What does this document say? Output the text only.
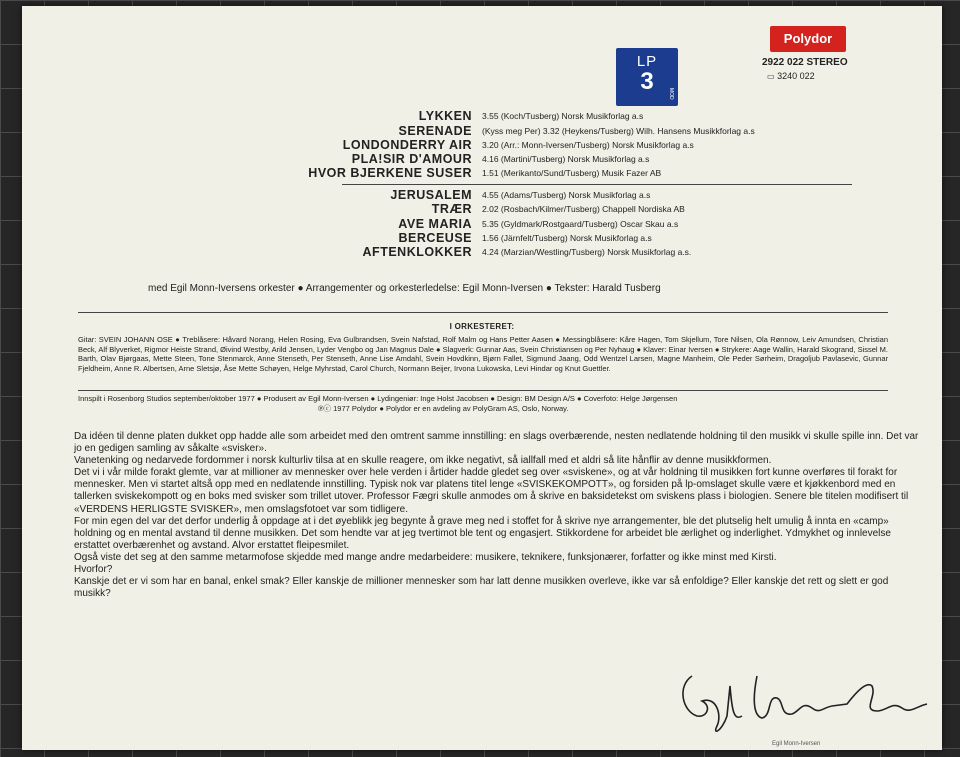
Polydor
2922 022 STEREO
▭ 3240 022
LP
3	MOD
LYKKEN 3.55 (Koch/Tusberg) Norsk Musikforlag a.s
SERENADE (Kyss meg Per) 3.32 (Heykens/Tusberg) Wilh. Hansens Musikkforlag a.s
LONDONDERRY AIR 3.20 (Arr.: Monn-Iversen/Tusberg) Norsk Musikforlag a.s
PLA!SIR D'AMOUR 4.16 (Martini/Tusberg) Norsk Musikforlag a.s
HVOR BJERKENE SUSER 1.51 (Merikanto/Sund/Tusberg) Musik Fazer AB
JERUSALEM 4.55 (Adams/Tusberg) Norsk Musikforlag a.s
TRÆR 2.02 (Rosbach/Kilmer/Tusberg) Chappell Nordiska AB
AVE MARIA 5.35 (Gyldmark/Rostgaard/Tusberg) Oscar Skau a.s
BERCEUSE 1.56 (Järnfelt/Tusberg) Norsk Musikforlag a.s
AFTENKLOKKER 4.24 (Marzian/Westling/Tusberg) Norsk Musikforlag a.s.
med Egil Monn-Iversens orkester ● Arrangementer og orkesterledelse: Egil Monn-Iversen ● Tekster: Harald Tusberg
I ORKESTERET:
Gitar: SVEIN JOHANN OSE ● Treblåsere: Håvard Norang, Helen Rosing, Eva Gulbrandsen, Svein Nafstad, Rolf Malm og Hans Petter Aasen ● Messingblåsere: Kåre Hagen, Tom Skjellum, Tore Nilsen, Ola Rønnow, Leiv Amundsen, Christian Beck, Alf Blyverket, Rigmor Heiste Strand, Øivind Westby, Arild Jensen, Lyder Vengbo og Jan Magnus Dale ● Slagverk: Gunnar Aas, Svein Christiansen og Per Nyhaug ● Klaver: Einar Iversen ● Strykere: Aage Wallin, Harald Skogrand, Sissel M. Barth, Olav Bjørgaas, Mette Steen, Tone Stenmarck, Anne Stenseth, Per Stenseth, Anne Lise Amdahl, Svein Hovdkinn, Bjørn Fallet, Sigmund Jaang, Odd Wentzel Larsen, Magne Manheim, Ole Peder Sørheim, Dragoljub Pavlasevic, Gunnar Fjeldheim, Anne R. Albertsen, Arne Sletsjø, Åse Mette Schøyen, Helge Myhrstad, Carol Church, Normann Beijer, Irvona Lukowska, Levi Hindar og Knut Guettler.
Innspilt i Rosenborg Studios september/oktober 1977 ● Produsert av Egil Monn-Iversen ● Lydingeniør: Inge Holst Jacobsen ● Design: BM Design A/S ● Coverfoto: Helge Jørgensen
℗ⓒ 1977 Polydor ● Polydor er en avdeling av PolyGram AS, Oslo, Norway.

Da idéen til denne platen dukket opp hadde alle som arbeidet med den omtrent samme innstilling: en slags overbærende, nesten nedlatende holdning til den musikk vi skulle spille inn. Det var jo en gedigen samling av såkalte «svisker».

Vanetenking og nedarvede fordommer i norsk kulturliv tilsa at en skulle reagere, om ikke negativt, så iallfall med et aldri så lite hånflir av denne musikkformen.

Det vi i vår milde forakt glemte, var at millioner av mennesker over hele verden i årtider hadde gledet seg over «sviskene», og at vår holdning til musikken fort kunne overføres til forakt for mennesker. Men vi startet altså opp med en nedlatende innstilling. Typisk nok var platens titel lenge «SVISKEKOMPOTT», og forsiden på lp-omslaget skulle være et kjøkkenbord med en tallerken sviskekompott og en boks med svisker som trillet utover. Professor Fægri skulle anmodes om å skrive en baksidetekst om sviskens plass i biologien. Senere ble titelen modifisert til «VERDENS HERLIGSTE SVISKER», men omslagsfotoet var som tidligere.

For min egen del var det derfor underlig å oppdage at i det øyeblikk jeg begynte å grave meg ned i stoffet for å skrive nye arrangementer, ble det plutselig helt umulig å innta en «camp» holdning og en mental avstand til denne musikken. Det som hendte var at jeg tvertimot ble tent og engasjert. Stikkordene for arbeidet ble ærlighet og inderlighet. Ydmykhet og innlevelse erstattet overbærenhet og avstand. Alvor erstattet fleipesmilet.

Også viste det seg at den samme metarmofose skjedde med mange andre medarbeidere: musikere, teknikere, funksjonærer, forfatter og ikke minst med Kirsti.

Hvorfor?

Kanskje det er vi som har en banal, enkel smak? Eller kanskje de millioner mennesker som har latt denne musikken overleve, ikke var så enfoldige? Eller kanskje det rett og slett er god musikk?

Egil Monn-Iversen
